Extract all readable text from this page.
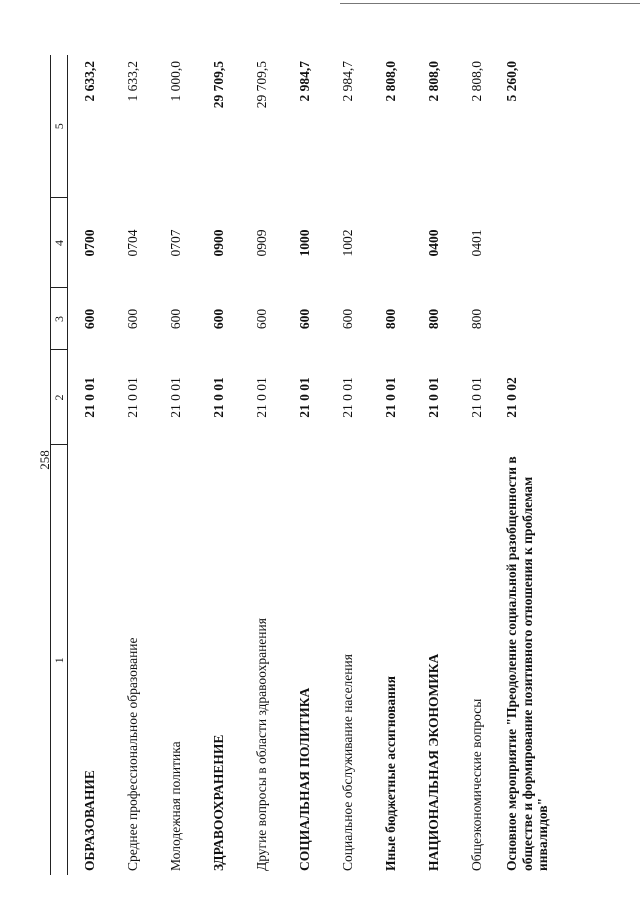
258
1	2	3	4	5
ОБРАЗОВАНИЕ	21 0 01	600	0700	2 633,2
Среднее профессиональное образование	21 0 01	600	0704	1 633,2
Молодежная политика	21 0 01	600	0707	1 000,0
ЗДРАВООХРАНЕНИЕ	21 0 01	600	0900	29 709,5
Другие вопросы в области здравоохранения	21 0 01	600	0909	29 709,5
СОЦИАЛЬНАЯ ПОЛИТИКА	21 0 01	600	1000	2 984,7
Социальное обслуживание населения	21 0 01	600	1002	2 984,7
Иные бюджетные ассигнования	21 0 01	800		2 808,0
НАЦИОНАЛЬНАЯ ЭКОНОМИКА	21 0 01	800	0400	2 808,0
Общеэкономические вопросы	21 0 01	800	0401	2 808,0
Основное мероприятие "Преодоление социальной разобщенности в обществе и формирование позитивного отношения к проблемам инвалидов"	21 0 02			5 260,0
